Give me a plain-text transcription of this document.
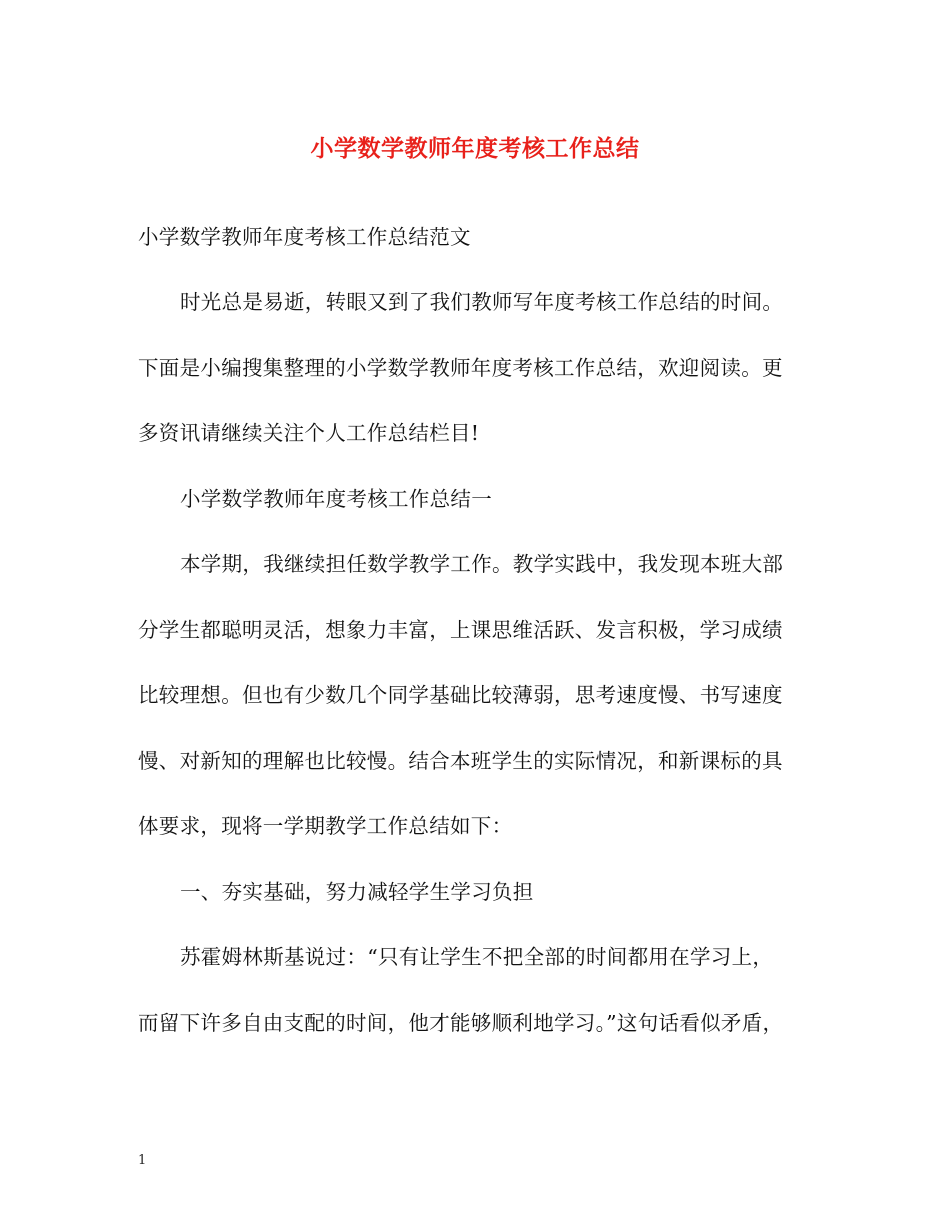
小学数学教师年度考核工作总结
小学数学教师年度考核工作总结范文
时光总是易逝，转眼又到了我们教师写年度考核工作总结的时间。
下面是小编搜集整理的小学数学教师年度考核工作总结，欢迎阅读。更
多资讯请继续关注个人工作总结栏目!
小学数学教师年度考核工作总结一
本学期，我继续担任数学教学工作。教学实践中，我发现本班大部
分学生都聪明灵活，想象力丰富，上课思维活跃、发言积极，学习成绩
比较理想。但也有少数几个同学基础比较薄弱，思考速度慢、书写速度
慢、对新知的理解也比较慢。结合本班学生的实际情况，和新课标的具
体要求，现将一学期教学工作总结如下：
一、夯实基础，努力减轻学生学习负担
苏霍姆林斯基说过：“只有让学生不把全部的时间都用在学习上，
而留下许多自由支配的时间，他才能够顺利地学习。”这句话看似矛盾，
1
